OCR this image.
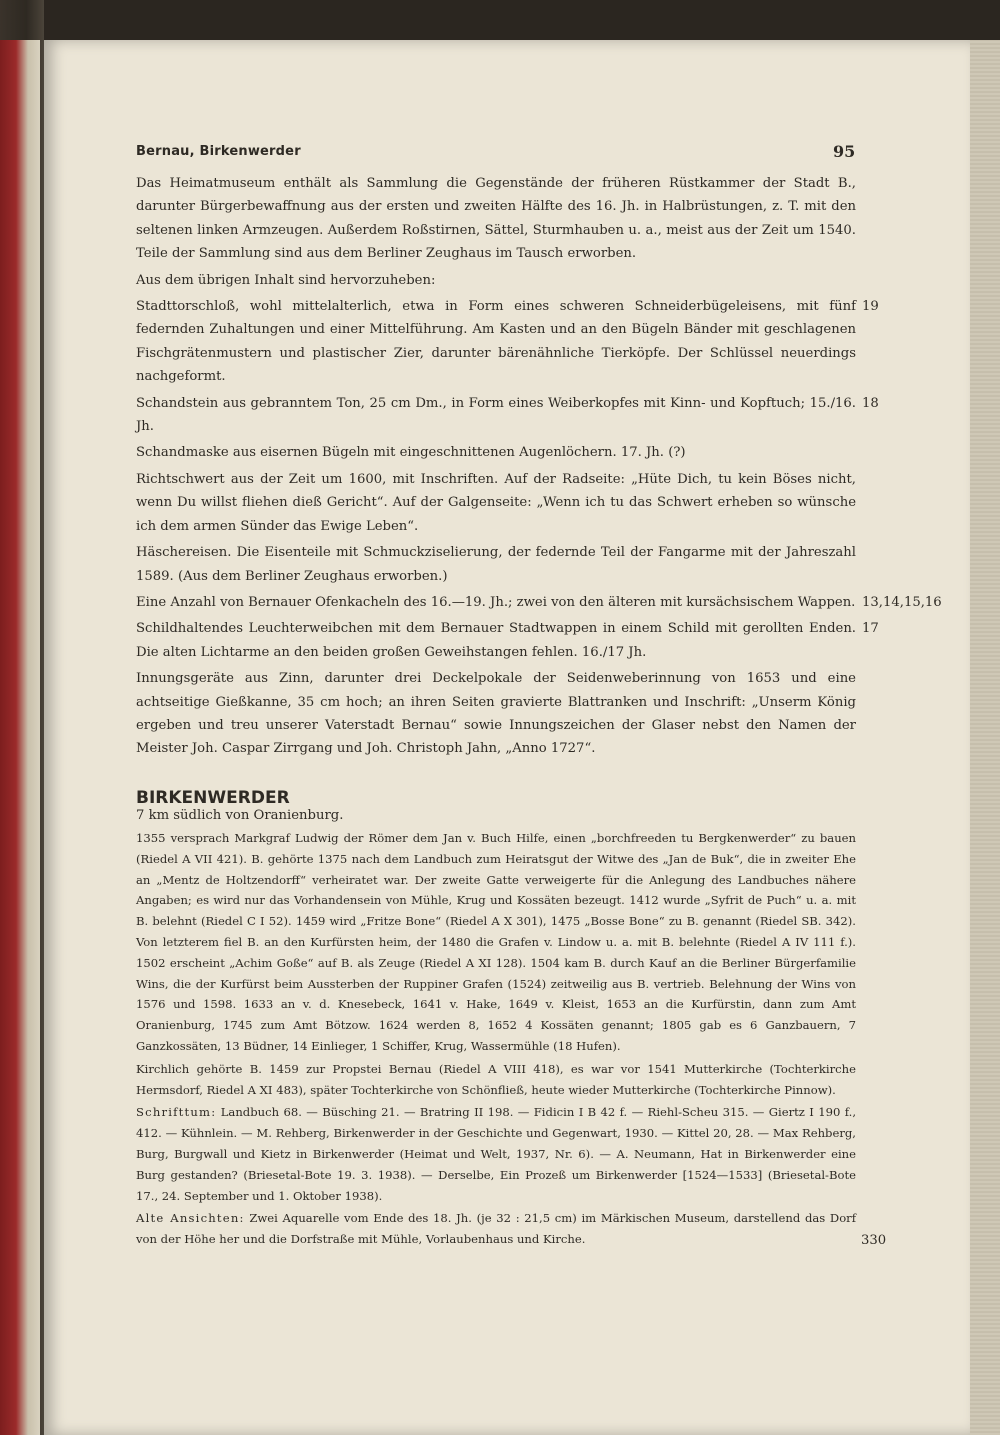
Bernau, Birkenwerder	95

Das Heimatmuseum enthält als Sammlung die Gegenstände der früheren Rüstkammer der Stadt B., darunter Bürgerbewaffnung aus der ersten und zweiten Hälfte des 16. Jh. in Halbrüstungen, z. T. mit den seltenen linken Armzeugen. Außerdem Roßstirnen, Sättel, Sturmhauben u. a., meist aus der Zeit um 1540. Teile der Sammlung sind aus dem Berliner Zeughaus im Tausch erworben.

Aus dem übrigen Inhalt sind hervorzuheben:

Stadttorschloß, wohl mittelalterlich, etwa in Form eines schweren Schneiderbügeleisens, mit fünf federnden Zuhaltungen und einer Mittelführung. Am Kasten und an den Bügeln Bänder mit geschlagenen Fischgrätenmustern und plastischer Zier, darunter bärenähnliche Tierköpfe. Der Schlüssel neuerdings nachgeformt.

19

Schandstein aus gebranntem Ton, 25 cm Dm., in Form eines Weiberkopfes mit Kinn- und Kopftuch; 15./16. Jh.

18

Schandmaske aus eisernen Bügeln mit eingeschnittenen Augenlöchern. 17. Jh. (?)

Richtschwert aus der Zeit um 1600, mit Inschriften. Auf der Radseite: „Hüte Dich, tu kein Böses nicht, wenn Du willst fliehen dieß Gericht“. Auf der Galgenseite: „Wenn ich tu das Schwert erheben so wünsche ich dem armen Sünder das Ewige Leben“.

Häschereisen. Die Eisenteile mit Schmuckziselierung, der federnde Teil der Fangarme mit der Jahreszahl 1589. (Aus dem Berliner Zeughaus erworben.)

Eine Anzahl von Bernauer Ofenkacheln des 16.—19. Jh.; zwei von den älteren mit kursächsischem Wappen. 13,14,15,16

Schildhaltendes Leuchterweibchen mit dem Bernauer Stadtwappen in einem Schild mit gerollten Enden. Die alten Lichtarme an den beiden großen Geweihstangen fehlen. 16./17 Jh.

17

Innungsgeräte aus Zinn, darunter drei Deckelpokale der Seidenweberinnung von 1653 und eine achtseitige Gießkanne, 35 cm hoch; an ihren Seiten gravierte Blattranken und Inschrift: „Unserm König ergeben und treu unserer Vaterstadt Bernau“ sowie Innungszeichen der Glaser nebst den Namen der Meister Joh. Caspar Zirrgang und Joh. Christoph Jahn, „Anno 1727“.

BIRKENWERDER
7 km südlich von Oranienburg.

1355 versprach Markgraf Ludwig der Römer dem Jan v. Buch Hilfe, einen „borchfreeden tu Bergkenwerder“ zu bauen (Riedel A VII 421). B. gehörte 1375 nach dem Landbuch zum Heiratsgut der Witwe des „Jan de Buk“, die in zweiter Ehe an „Mentz de Holtzendorff“ verheiratet war. Der zweite Gatte verweigerte für die Anlegung des Landbuches nähere Angaben; es wird nur das Vorhandensein von Mühle, Krug und Kossäten bezeugt. 1412 wurde „Syfrit de Puch“ u. a. mit B. belehnt (Riedel C I 52). 1459 wird „Fritze Bone“ (Riedel A X 301), 1475 „Bosse Bone“ zu B. genannt (Riedel SB. 342). Von letzterem fiel B. an den Kurfürsten heim, der 1480 die Grafen v. Lindow u. a. mit B. belehnte (Riedel A IV 111 f.). 1502 erscheint „Achim Goße“ auf B. als Zeuge (Riedel A XI 128). 1504 kam B. durch Kauf an die Berliner Bürgerfamilie Wins, die der Kurfürst beim Aussterben der Ruppiner Grafen (1524) zeitweilig aus B. vertrieb. Belehnung der Wins von 1576 und 1598. 1633 an v. d. Knesebeck, 1641 v. Hake, 1649 v. Kleist, 1653 an die Kurfürstin, dann zum Amt Oranienburg, 1745 zum Amt Bötzow. 1624 werden 8, 1652 4 Kossäten genannt; 1805 gab es 6 Ganzbauern, 7 Ganzkossäten, 13 Büdner, 14 Einlieger, 1 Schiffer, Krug, Wassermühle (18 Hufen).

Kirchlich gehörte B. 1459 zur Propstei Bernau (Riedel A VIII 418), es war vor 1541 Mutterkirche (Tochterkirche Hermsdorf, Riedel A XI 483), später Tochterkirche von Schönfließ, heute wieder Mutterkirche (Tochterkirche Pinnow).

Schrifttum: Landbuch 68. — Büsching 21. — Bratring II 198. — Fidicin I B 42 f. — Riehl-Scheu 315. — Giertz I 190 f., 412. — Kühnlein. — M. Rehberg, Birkenwerder in der Geschichte und Gegenwart, 1930. — Kittel 20, 28. — Max Rehberg, Burg, Burgwall und Kietz in Birkenwerder (Heimat und Welt, 1937, Nr. 6). — A. Neumann, Hat in Birkenwerder eine Burg gestanden? (Briesetal-Bote 19. 3. 1938). — Derselbe, Ein Prozeß um Birkenwerder [1524—1533] (Briesetal-Bote 17., 24. September und 1. Oktober 1938).

Alte Ansichten: Zwei Aquarelle vom Ende des 18. Jh. (je 32 : 21,5 cm) im Märkischen Museum, darstellend das Dorf von der Höhe her und die Dorfstraße mit Mühle, Vorlaubenhaus und Kirche.	330
